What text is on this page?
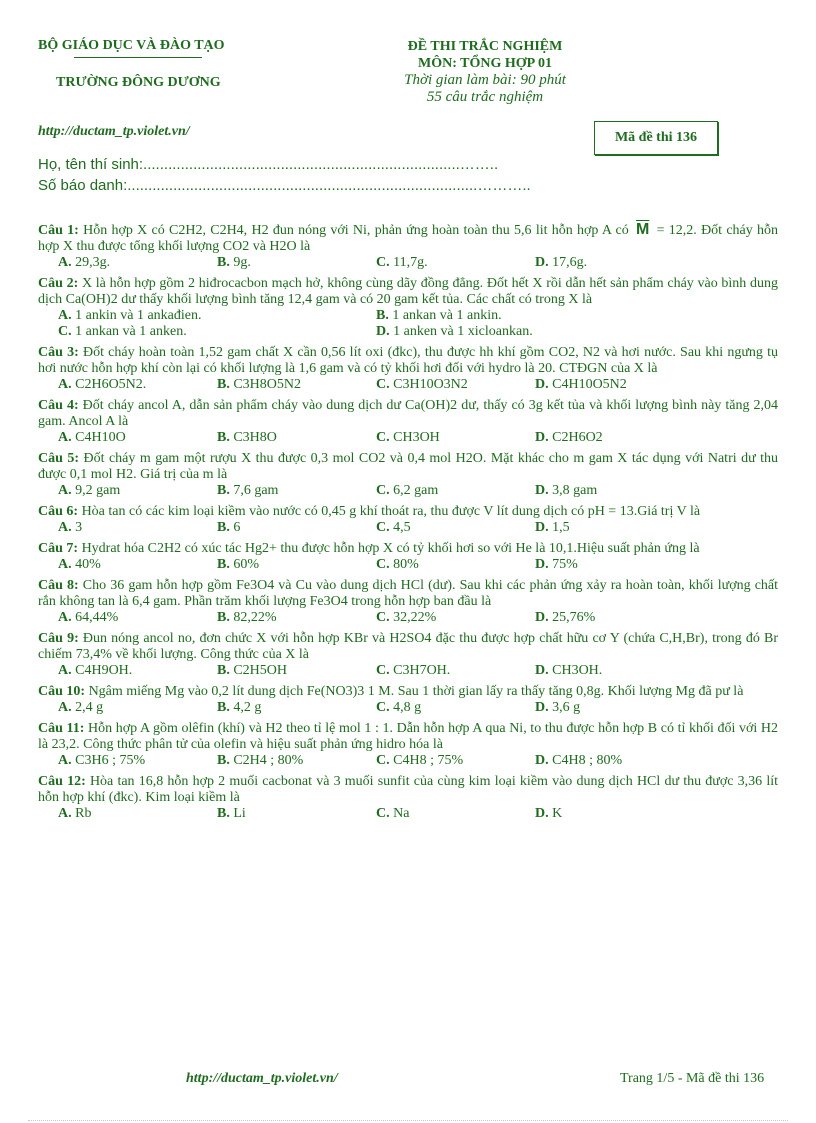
BỘ GIÁO DỤC VÀ ĐÀO TẠO
TRƯỜNG ĐÔNG DƯƠNG
ĐỀ THI TRẮC NGHIỆM
MÔN: TỔNG HỢP 01
Thời gian làm bài: 90 phút
55 câu trắc nghiệm
http://ductam_tp.violet.vn/	Mã đề thi 136
Họ, tên thí sinh:............................................................................……..
Số báo danh:....................................................................................………..
Câu 1: Hỗn hợp X có C2H2, C2H4, H2 đun nóng với Ni, phản ứng hoàn toàn thu 5,6 lit hỗn hợp A có $\overline{M} = 12,2$. Đốt cháy hỗn hợp X thu được tổng khối lượng CO2 và H2O là
A. 29,3g.	B. 9g.	C. 11,7g.	D. 17,6g.
Câu 2: X là hỗn hợp gồm 2 hiđrocacbon mạch hở, không cùng dãy đồng đẳng. Đốt hết X rồi dẫn hết sản phẩm cháy vào bình dung dịch Ca(OH)2 dư thấy khối lượng bình tăng 12,4 gam và có 20 gam kết tủa. Các chất có trong X là
A. 1 ankin và 1 ankađien.	B. 1 ankan và 1 ankin.
C. 1 ankan và 1 anken.	D. 1 anken và 1 xicloankan.
Câu 3: Đốt cháy hoàn toàn 1,52 gam chất X cần 0,56 lít oxi (đkc), thu được hh khí gồm CO2, N2 và hơi nước. Sau khi ngưng tụ hơi nước hỗn hợp khí còn lại có khối lượng là 1,6 gam và có tỷ khối hơi đối với hydro là 20. CTĐGN của X là
A. C2H6O5N2.	B. C3H8O5N2	C. C3H10O3N2	D. C4H10O5N2
Câu 4: Đốt cháy ancol A, dẫn sản phẩm cháy vào dung dịch dư Ca(OH)2 dư, thấy có 3g kết tủa và khối lượng bình này tăng 2,04 gam. Ancol A là
A. C4H10O	B. C3H8O	C. CH3OH	D. C2H6O2
Câu 5: Đốt cháy m gam một rượu X thu được 0,3 mol CO2 và 0,4 mol H2O. Mặt khác cho m gam X tác dụng với Natri dư thu được 0,1 mol H2. Giá trị của m là
A. 9,2 gam	B. 7,6 gam	C. 6,2 gam	D. 3,8 gam
Câu 6: Hòa tan có các kim loại kiềm vào nước có 0,45 g khí thoát ra, thu được V lít dung dịch có pH = 13.Giá trị V là
A. 3	B. 6	C. 4,5	D. 1,5
Câu 7: Hydrat hóa C2H2 có xúc tác Hg2+ thu được hỗn hợp X có tỷ khối hơi so với He là 10,1.Hiệu suất phản ứng là
A. 40%	B. 60%	C. 80%	D. 75%
Câu 8: Cho 36 gam hỗn hợp gồm Fe3O4 và Cu vào dung dịch HCl (dư). Sau khi các phản ứng xảy ra hoàn toàn, khối lượng chất rắn không tan là 6,4 gam. Phần trăm khối lượng Fe3O4 trong hỗn hợp ban đầu là
A. 64,44%	B. 82,22%	C. 32,22%	D. 25,76%
Câu 9: Đun nóng ancol no, đơn chức X với hỗn hợp KBr và H2SO4 đặc thu được hợp chất hữu cơ Y (chứa C,H,Br), trong đó Br chiếm 73,4% về khối lượng. Công thức của X là
A. C4H9OH.	B. C2H5OH	C. C3H7OH.	D. CH3OH.
Câu 10: Ngâm miếng Mg vào 0,2 lít dung dịch Fe(NO3)3 1 M. Sau 1 thời gian lấy ra thấy tăng 0,8g. Khối lượng Mg đã pư là
A. 2,4 g	B. 4,2 g	C. 4,8 g	D. 3,6 g
Câu 11: Hỗn hợp A gồm olêfin (khí) và H2 theo tỉ lệ mol 1 : 1. Dẫn hỗn hợp A qua Ni, to thu được hỗn hợp B có tỉ khối đối với H2 là 23,2. Công thức phân tử của olefin và hiệu suất phản ứng hidro hóa là
A. C3H6 ; 75%	B. C2H4 ; 80%	C. C4H8 ; 75%	D. C4H8 ; 80%
Câu 12: Hòa tan 16,8 hỗn hợp 2 muối cacbonat và 3 muối sunfit của cùng kim loại kiềm vào dung dịch HCl dư thu được 3,36 lít hỗn hợp khí (đkc). Kim loại kiềm là
A. Rb	B. Li	C. Na	D. K
http://ductam_tp.violet.vn/	Trang 1/5 - Mã đề thi 136
